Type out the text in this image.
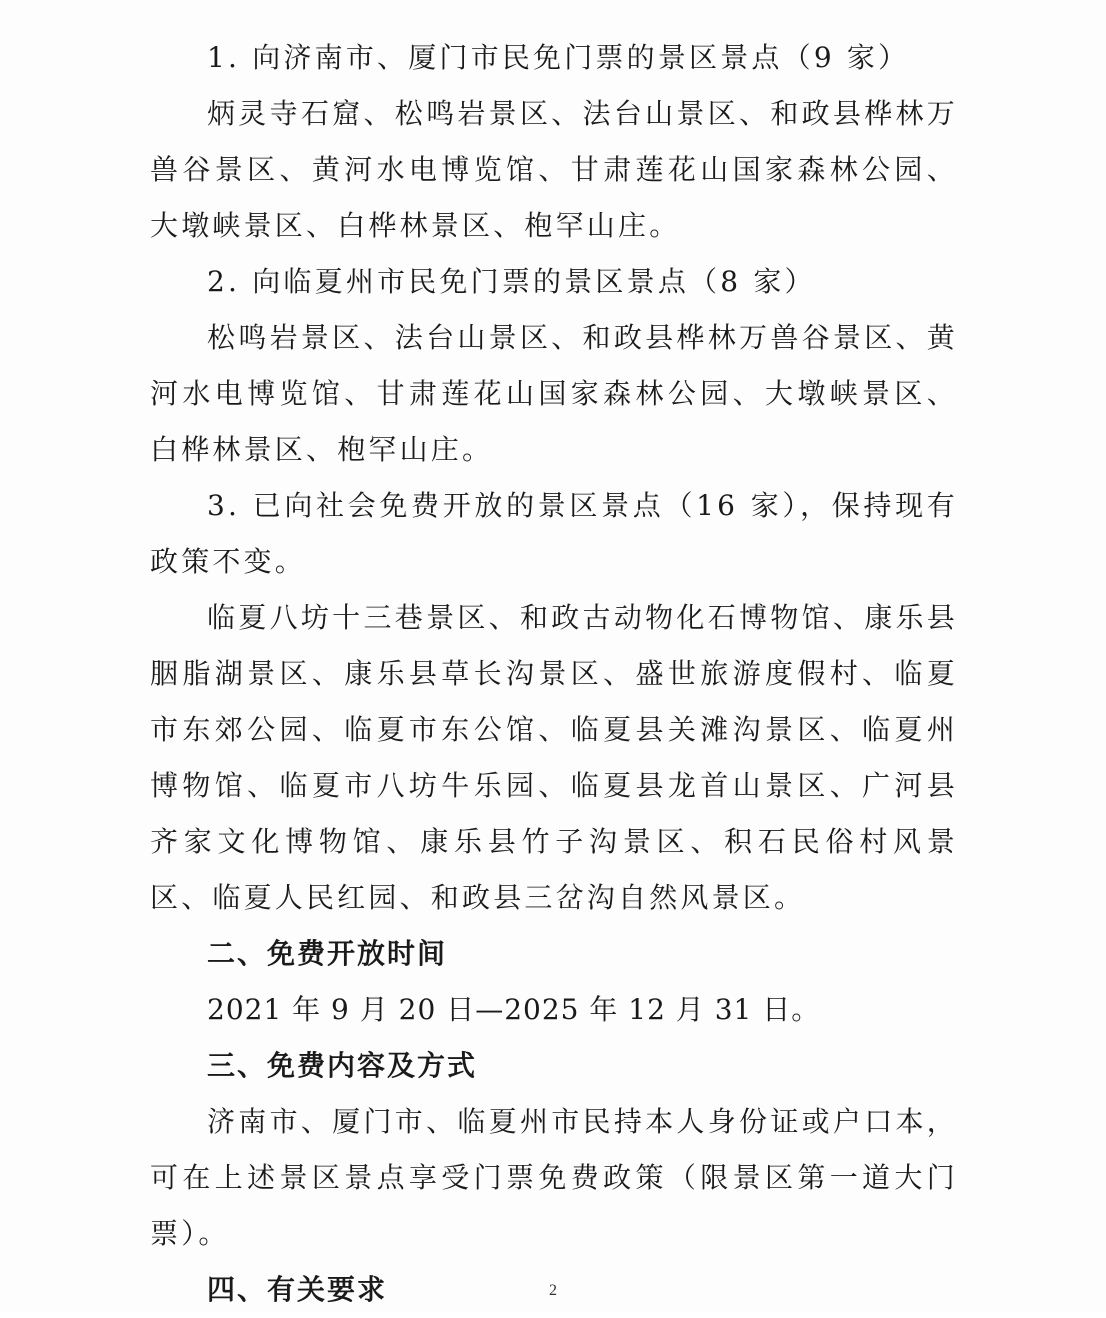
1. 向济南市、厦门市民免门票的景区景点（9 家）

炳灵寺石窟、松鸣岩景区、法台山景区、和政县桦林万兽谷景区、黄河水电博览馆、甘肃莲花山国家森林公园、大墩峡景区、白桦林景区、枹罕山庄。

2. 向临夏州市民免门票的景区景点（8 家）

松鸣岩景区、法台山景区、和政县桦林万兽谷景区、黄河水电博览馆、甘肃莲花山国家森林公园、大墩峡景区、白桦林景区、枹罕山庄。

3. 已向社会免费开放的景区景点（16 家），保持现有政策不变。

临夏八坊十三巷景区、和政古动物化石博物馆、康乐县胭脂湖景区、康乐县草长沟景区、盛世旅游度假村、临夏市东郊公园、临夏市东公馆、临夏县关滩沟景区、临夏州博物馆、临夏市八坊牛乐园、临夏县龙首山景区、广河县齐家文化博物馆、康乐县竹子沟景区、积石民俗村风景区、临夏人民红园、和政县三岔沟自然风景区。

二、免费开放时间

2021 年 9 月 20 日—2025 年 12 月 31 日。

三、免费内容及方式

济南市、厦门市、临夏州市民持本人身份证或户口本，可在上述景区景点享受门票免费政策（限景区第一道大门票）。

四、有关要求	2
